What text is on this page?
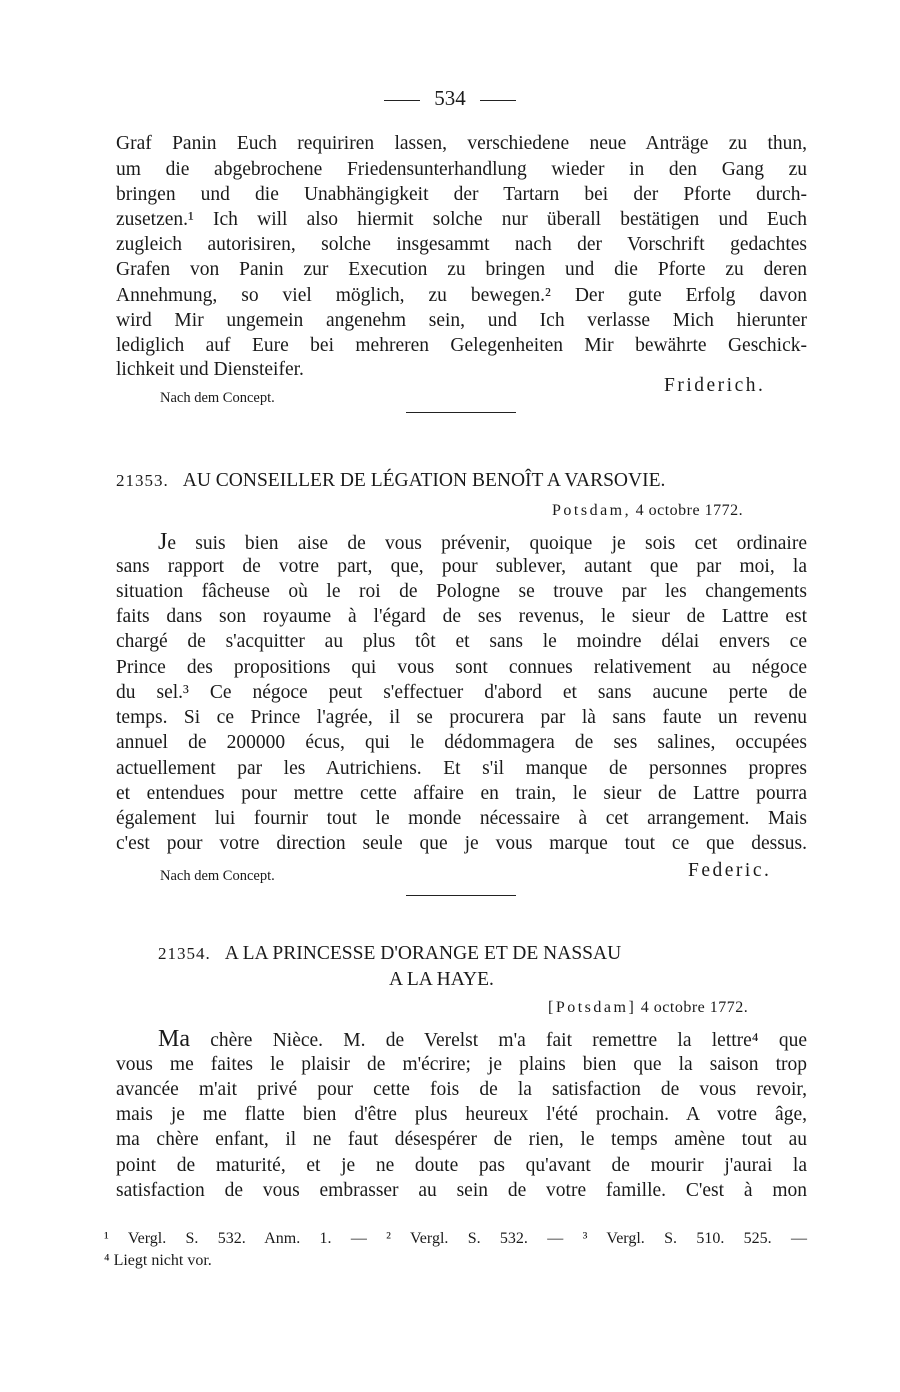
534
Graf Panin Euch requiriren lassen, verschiedene neue Anträge zu thun,
um die abgebrochene Friedensunterhandlung wieder in den Gang zu
bringen und die Unabhängigkeit der Tartarn bei der Pforte durch-
zusetzen.¹ Ich will also hiermit solche nur überall bestätigen und Euch
zugleich autorisiren, solche insgesammt nach der Vorschrift gedachtes
Grafen von Panin zur Execution zu bringen und die Pforte zu deren
Annehmung, so viel möglich, zu bewegen.² Der gute Erfolg davon
wird Mir ungemein angenehm sein, und Ich verlasse Mich hierunter
lediglich auf Eure bei mehreren Gelegenheiten Mir bewährte Geschick-
lichkeit und Diensteifer.
Friderich.
Nach dem Concept.
21353. AU CONSEILLER DE LÉGATION BENOÎT A VARSOVIE.
Potsdam, 4 octobre 1772.
Je suis bien aise de vous prévenir, quoique je sois cet ordinaire
sans rapport de votre part, que, pour sublever, autant que par moi, la
situation fâcheuse où le roi de Pologne se trouve par les changements
faits dans son royaume à l'égard de ses revenus, le sieur de Lattre est
chargé de s'acquitter au plus tôt et sans le moindre délai envers ce
Prince des propositions qui vous sont connues relativement au négoce
du sel.³ Ce négoce peut s'effectuer d'abord et sans aucune perte de
temps. Si ce Prince l'agrée, il se procurera par là sans faute un revenu
annuel de 200000 écus, qui le dédommagera de ses salines, occupées
actuellement par les Autrichiens. Et s'il manque de personnes propres
et entendues pour mettre cette affaire en train, le sieur de Lattre pourra
également lui fournir tout le monde nécessaire à cet arrangement. Mais
c'est pour votre direction seule que je vous marque tout ce que dessus.
Nach dem Concept.	Federic.
21354. A LA PRINCESSE D'ORANGE ET DE NASSAU
A LA HAYE.
[Potsdam] 4 octobre 1772.
Ma chère Nièce. M. de Verelst m'a fait remettre la lettre⁴ que
vous me faites le plaisir de m'écrire; je plains bien que la saison trop
avancée m'ait privé pour cette fois de la satisfaction de vous revoir,
mais je me flatte bien d'être plus heureux l'été prochain. A votre âge,
ma chère enfant, il ne faut désespérer de rien, le temps amène tout au
point de maturité, et je ne doute pas qu'avant de mourir j'aurai la
satisfaction de vous embrasser au sein de votre famille. C'est à mon
¹ Vergl. S. 532. Anm. 1. — ² Vergl. S. 532. — ³ Vergl. S. 510. 525. —
⁴ Liegt nicht vor.
